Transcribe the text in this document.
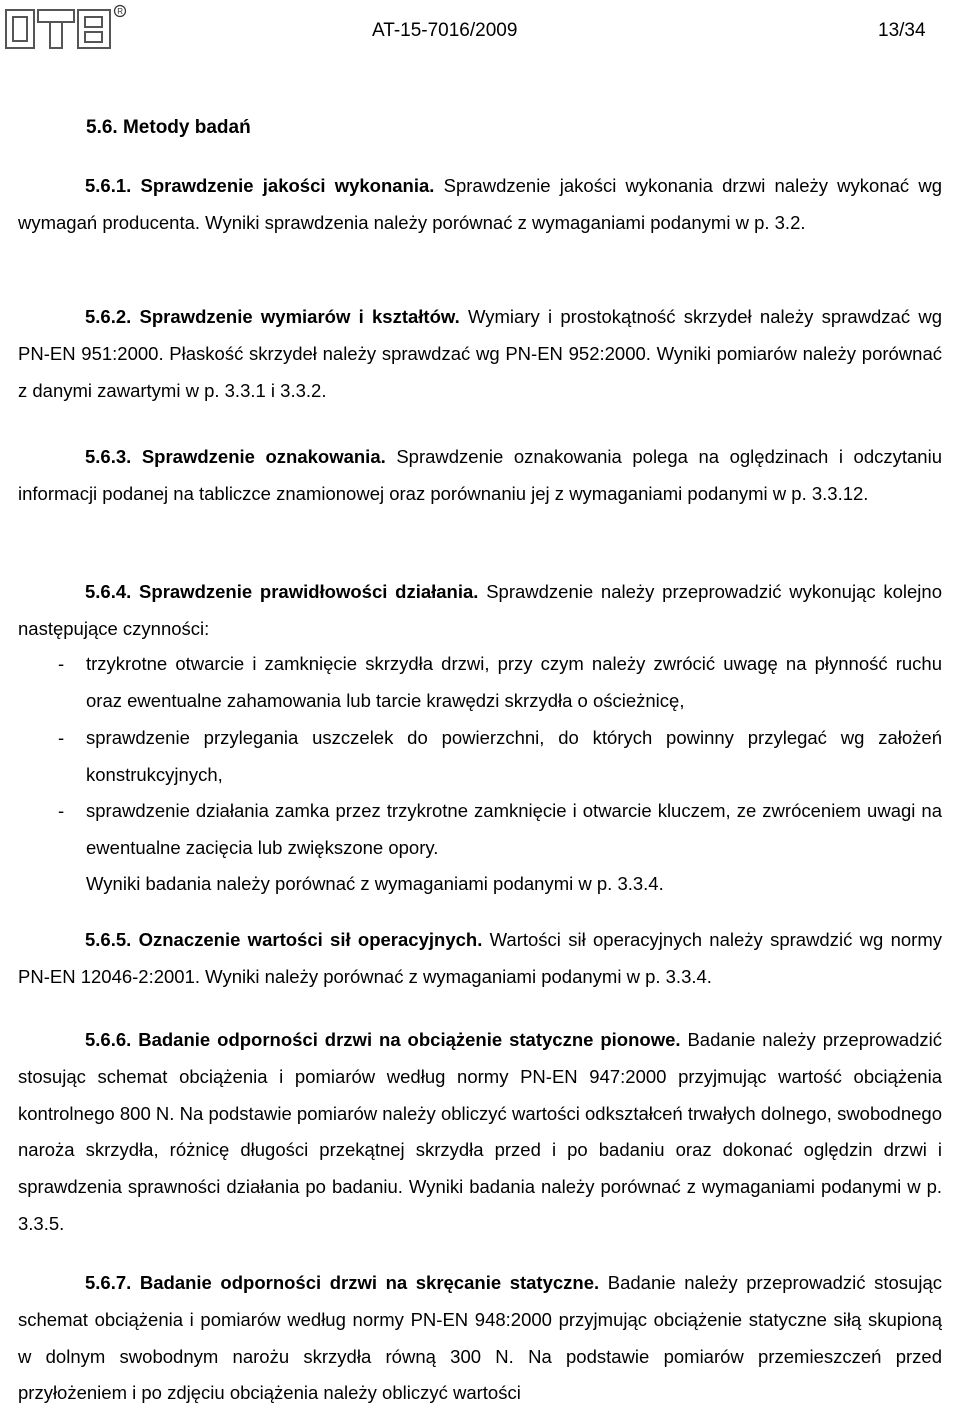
R
AT-15-7016/2009	13/34

5.6. Metody badań

5.6.1. Sprawdzenie jakości wykonania. Sprawdzenie jakości wykonania drzwi należy wykonać wg wymagań producenta. Wyniki sprawdzenia należy porównać z wymaganiami podanymi w p. 3.2.

5.6.2. Sprawdzenie wymiarów i kształtów. Wymiary i prostokątność skrzydeł należy sprawdzać wg PN-EN 951:2000. Płaskość skrzydeł należy sprawdzać wg PN-EN 952:2000. Wyniki pomiarów należy porównać z danymi zawartymi w p. 3.3.1 i 3.3.2.

5.6.3. Sprawdzenie oznakowania. Sprawdzenie oznakowania polega na oględzinach i odczytaniu informacji podanej na tabliczce znamionowej oraz porównaniu jej z wymaganiami podanymi w p. 3.3.12.

5.6.4. Sprawdzenie prawidłowości działania. Sprawdzenie należy przeprowadzić wykonując kolejno następujące czynności:

- trzykrotne otwarcie i zamknięcie skrzydła drzwi, przy czym należy zwrócić uwagę na płynność ruchu oraz ewentualne zahamowania lub tarcie krawędzi skrzydła o ościeżnicę,
- sprawdzenie przylegania uszczelek do powierzchni, do których powinny przylegać wg założeń konstrukcyjnych,
- sprawdzenie działania zamka przez trzykrotne zamknięcie i otwarcie kluczem, ze zwróceniem uwagi na ewentualne zacięcia lub zwiększone opory.

Wyniki badania należy porównać z wymaganiami podanymi w p. 3.3.4.

5.6.5. Oznaczenie wartości sił operacyjnych. Wartości sił operacyjnych należy sprawdzić wg normy PN-EN 12046-2:2001. Wyniki należy porównać z wymaganiami podanymi w p. 3.3.4.

5.6.6. Badanie odporności drzwi na obciążenie statyczne pionowe. Badanie należy przeprowadzić stosując schemat obciążenia i pomiarów według normy PN-EN 947:2000 przyjmując wartość obciążenia kontrolnego 800 N. Na podstawie pomiarów należy obliczyć wartości odkształceń trwałych dolnego, swobodnego naroża skrzydła, różnicę długości przekątnej skrzydła przed i po badaniu oraz dokonać oględzin drzwi i sprawdzenia sprawności działania po badaniu. Wyniki badania należy porównać z wymaganiami podanymi w p. 3.3.5.

5.6.7. Badanie odporności drzwi na skręcanie statyczne. Badanie należy przeprowadzić stosując schemat obciążenia i pomiarów według normy PN-EN 948:2000 przyjmując obciążenie statyczne siłą skupioną w dolnym swobodnym narożu skrzydła równą 300 N. Na podstawie pomiarów przemieszczeń przed przyłożeniem i po zdjęciu obciążenia należy obliczyć wartości
